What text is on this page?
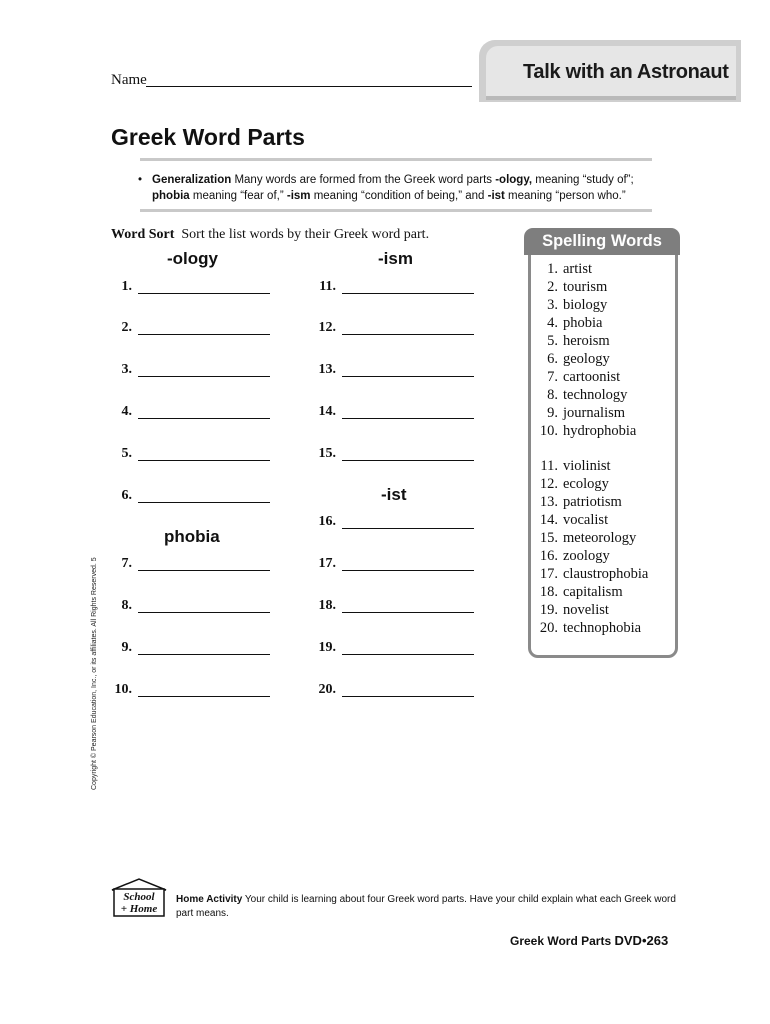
Talk with an Astronaut
Name
Greek Word Parts
• Generalization Many words are formed from the Greek word parts -ology, meaning “study of”; phobia meaning “fear of,” -ism meaning “condition of being,” and -ist meaning “person who.”
Word Sort Sort the list words by their Greek word part.
-ology	-ism
phobia
-ist
1.
2.
3.
4.
5.
6.
7.
8.
9.
10.
11.
12.
13.
14.
15.
16.
17.
18.
19.
20.
Spelling Words
1. artist
2. tourism
3. biology
4. phobia
5. heroism
6. geology
7. cartoonist
8. technology
9. journalism
10. hydrophobia
11. violinist
12. ecology
13. patriotism
14. vocalist
15. meteorology
16. zoology
17. claustrophobia
18. capitalism
19. novelist
20. technophobia
Copyright © Pearson Education, Inc., or its affiliates. All Rights Reserved. 5
School
+ Home
Home Activity Your child is learning about four Greek word parts. Have your child explain what each Greek word part means.
Greek Word Parts DVD•263
